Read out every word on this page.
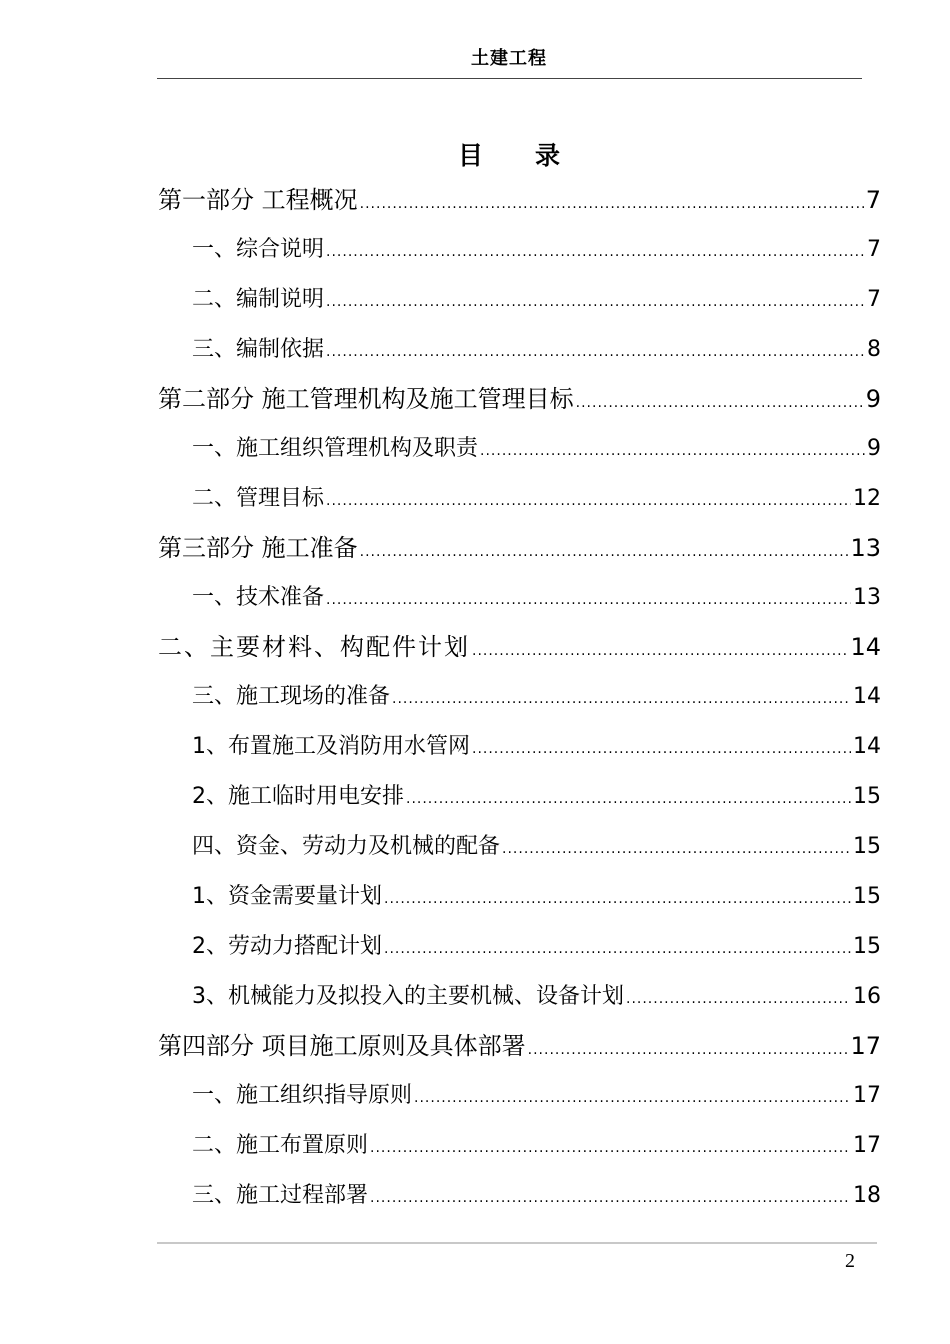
土建工程
目 录
第一部分 工程概况 .....	7
一、综合说明 .....	7
二、编制说明 .....	7
三、编制依据 .....	8
第二部分 施工管理机构及施工管理目标 .....	9
一、施工组织管理机构及职责 .....	9
二、管理目标 .....	12
第三部分 施工准备 .....	13
一、技术准备 .....	13
二、主要材料、构配件计划 .....	14
三、施工现场的准备 .....	14
1、布置施工及消防用水管网 .....	14
2、施工临时用电安排 .....	15
四、资金、劳动力及机械的配备 .....	15
1、资金需要量计划 .....	15
2、劳动力搭配计划 .....	15
3、机械能力及拟投入的主要机械、设备计划 .....	16
第四部分 项目施工原则及具体部署 .....	17
一、施工组织指导原则 .....	17
二、施工布置原则 .....	17
三、施工过程部署 .....	18
2
